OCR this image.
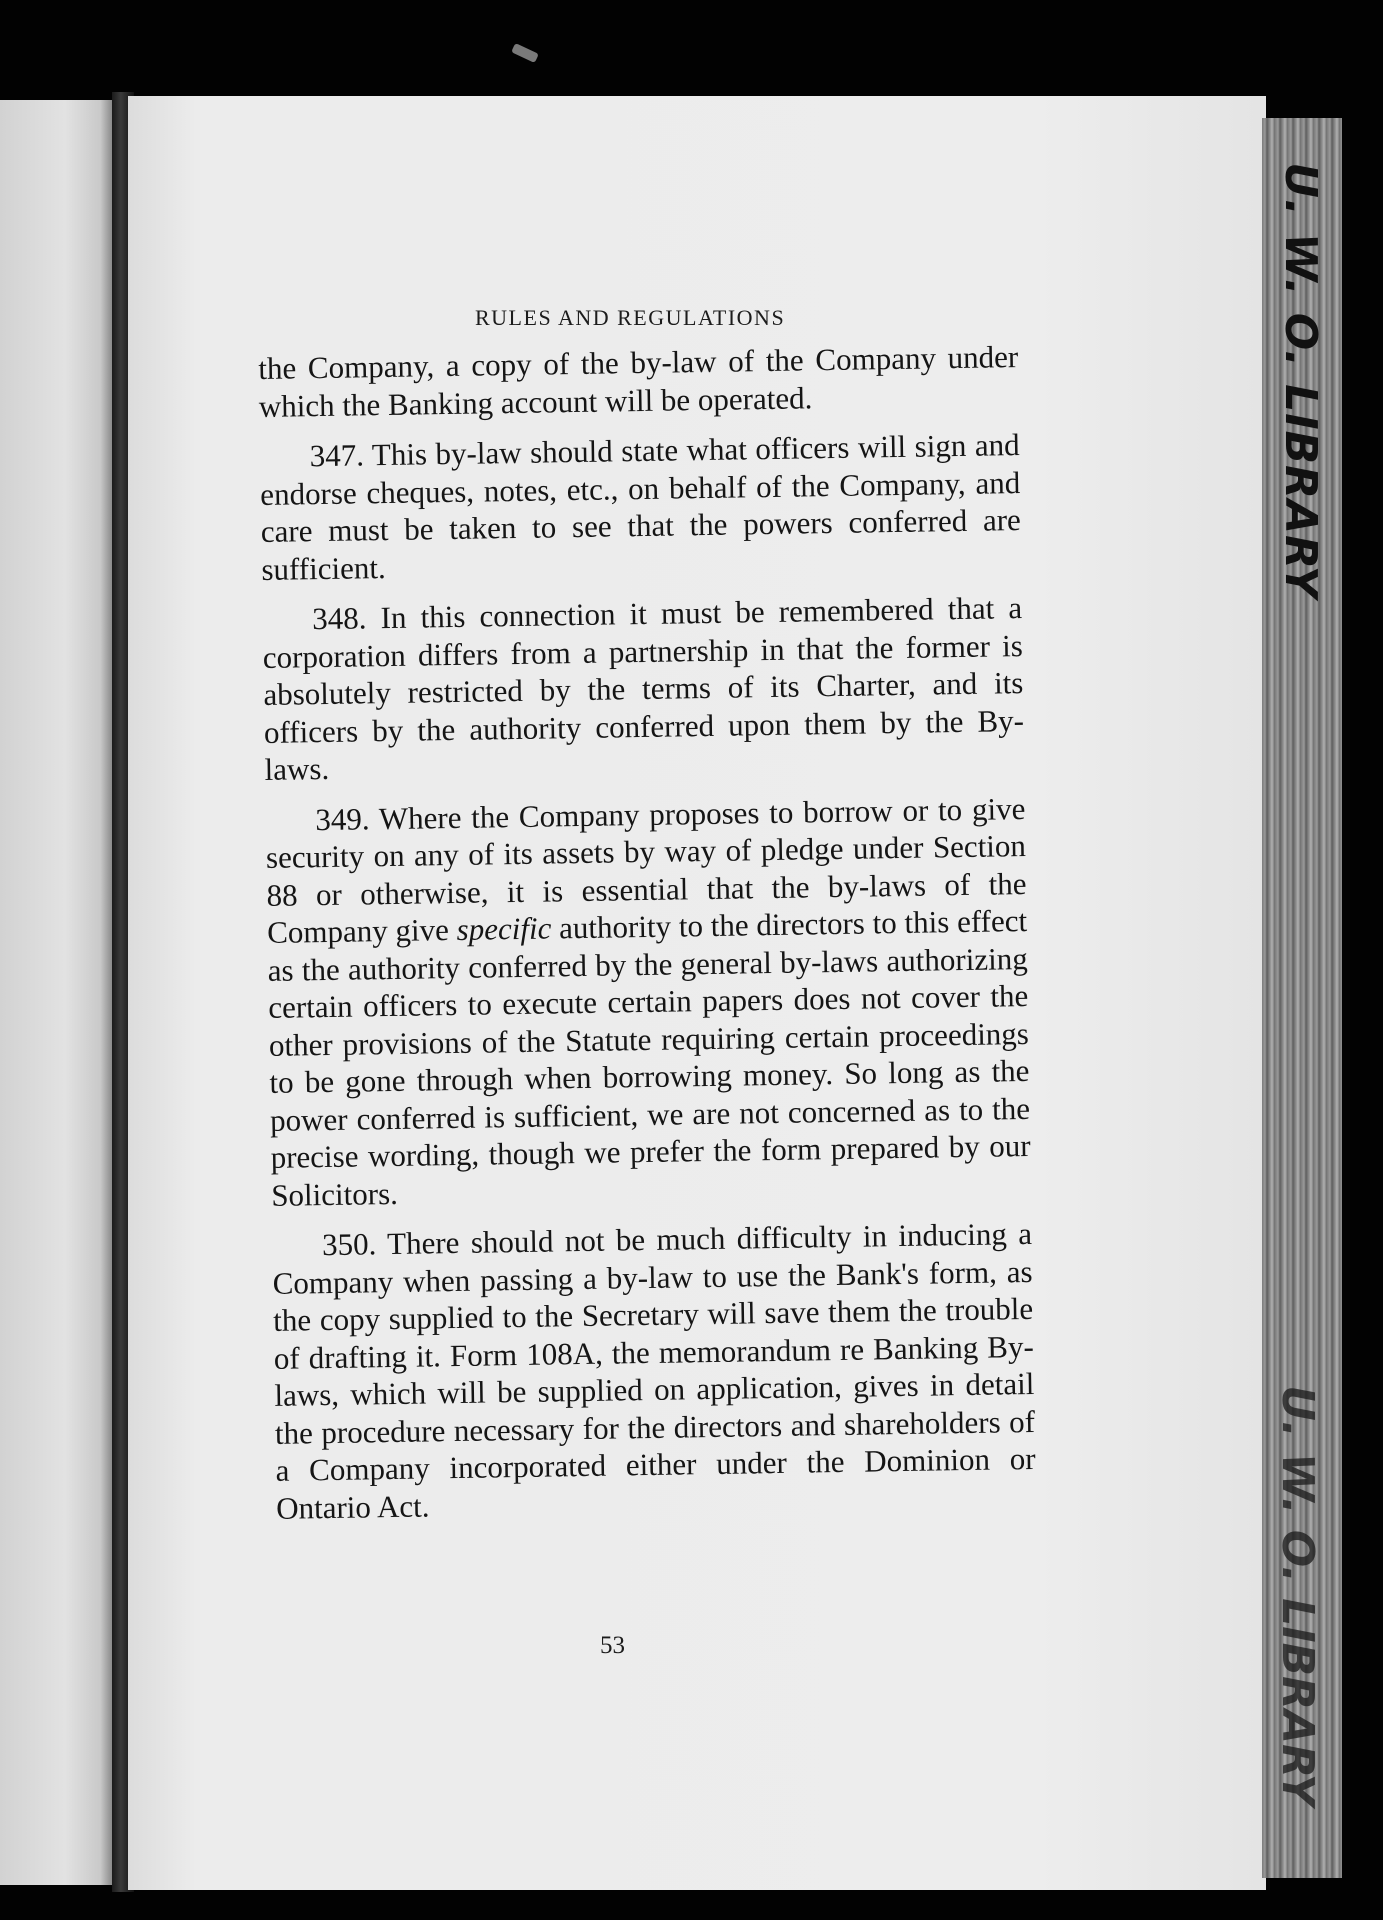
U. W. O. LIBRARY
U. W. O. LIBRARY
RULES AND REGULATIONS

the Company, a copy of the by-law of the Company under which the Banking account will be operated.

347. This by-law should state what officers will sign and endorse cheques, notes, etc., on behalf of the Company, and care must be taken to see that the powers conferred are sufficient.

348. In this connection it must be remembered that a corporation differs from a partnership in that the former is absolutely restricted by the terms of its Charter, and its officers by the authority conferred upon them by the By-laws.

349. Where the Company proposes to borrow or to give security on any of its assets by way of pledge under Section 88 or otherwise, it is essential that the by-laws of the Company give specific authority to the directors to this effect as the authority conferred by the general by-laws authorizing certain officers to execute certain papers does not cover the other provisions of the Statute requiring certain proceedings to be gone through when borrowing money. So long as the power conferred is sufficient, we are not concerned as to the precise wording, though we prefer the form prepared by our Solicitors.

350. There should not be much difficulty in inducing a Company when passing a by-law to use the Bank's form, as the copy supplied to the Secretary will save them the trouble of drafting it. Form 108A, the memorandum re Banking By-laws, which will be supplied on application, gives in detail the procedure necessary for the directors and shareholders of a Company incorporated either under the Dominion or Ontario Act.

53
